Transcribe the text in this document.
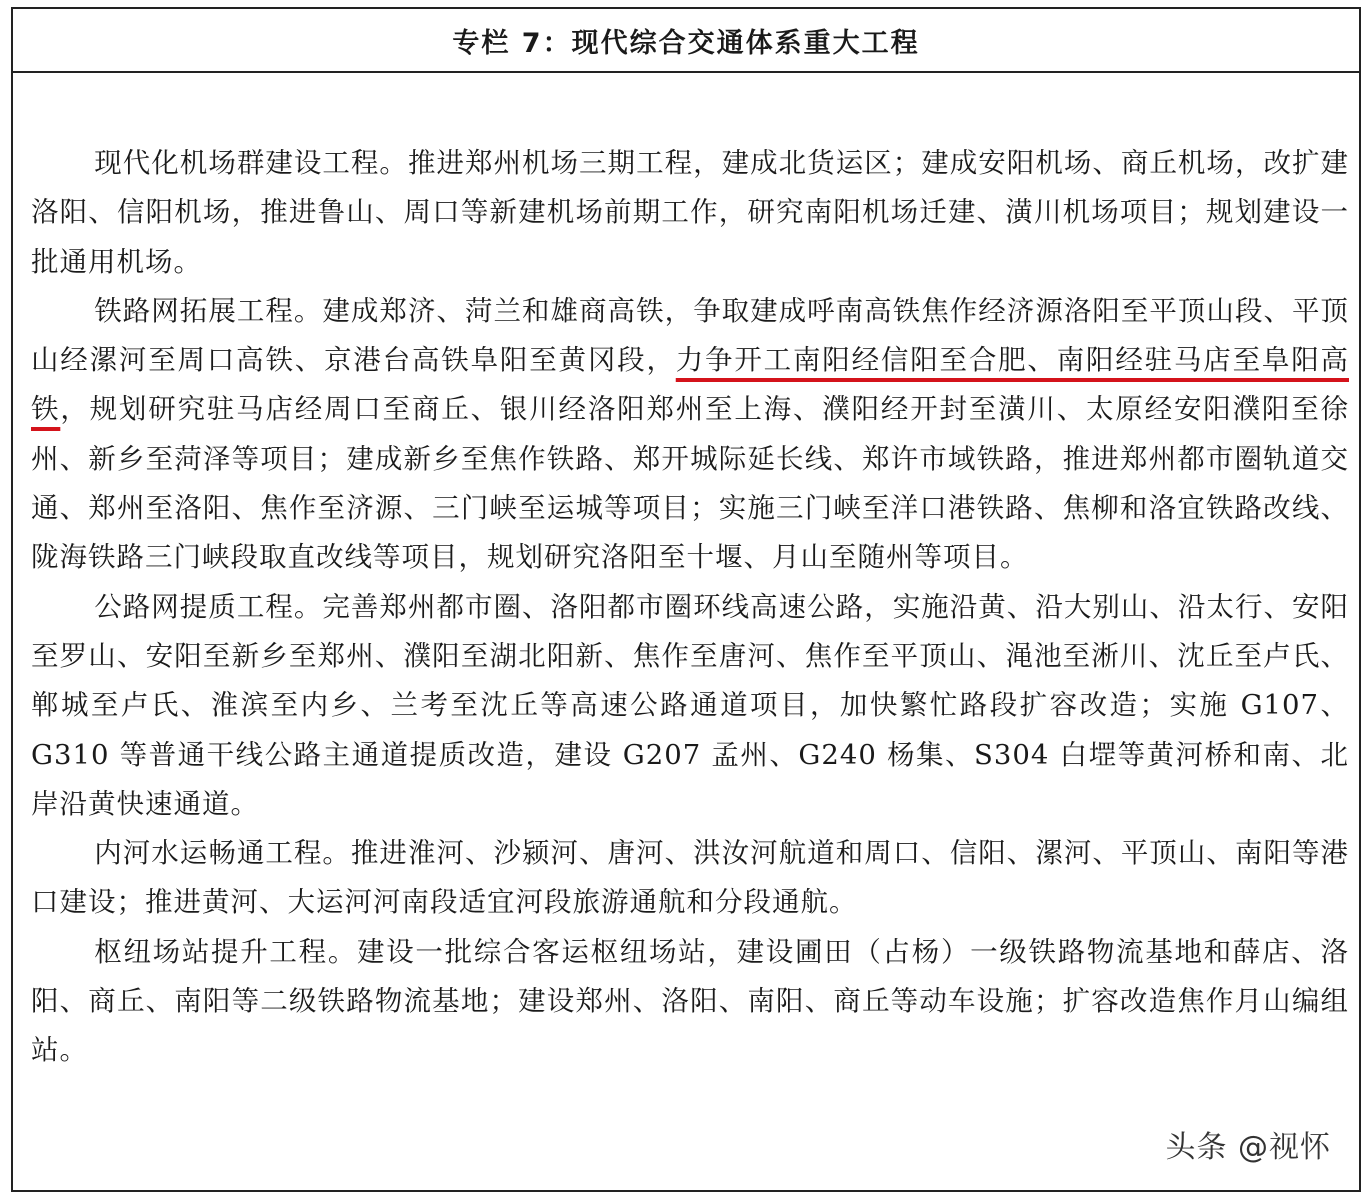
专栏 7：现代综合交通体系重大工程

现代化机场群建设工程。推进郑州机场三期工程，建成北货运区；建成安阳机场、商丘机场，改扩建洛阳、信阳机场，推进鲁山、周口等新建机场前期工作，研究南阳机场迁建、潢川机场项目；规划建设一批通用机场。

铁路网拓展工程。建成郑济、菏兰和雄商高铁，争取建成呼南高铁焦作经济源洛阳至平顶山段、平顶山经漯河至周口高铁、京港台高铁阜阳至黄冈段，力争开工南阳经信阳至合肥、南阳经驻马店至阜阳高铁，规划研究驻马店经周口至商丘、银川经洛阳郑州至上海、濮阳经开封至潢川、太原经安阳濮阳至徐州、新乡至菏泽等项目；建成新乡至焦作铁路、郑开城际延长线、郑许市域铁路，推进郑州都市圈轨道交通、郑州至洛阳、焦作至济源、三门峡至运城等项目；实施三门峡至洋口港铁路、焦柳和洛宜铁路改线、陇海铁路三门峡段取直改线等项目，规划研究洛阳至十堰、月山至随州等项目。

公路网提质工程。完善郑州都市圈、洛阳都市圈环线高速公路，实施沿黄、沿大别山、沿太行、安阳至罗山、安阳至新乡至郑州、濮阳至湖北阳新、焦作至唐河、焦作至平顶山、渑池至淅川、沈丘至卢氏、郸城至卢氏、淮滨至内乡、兰考至沈丘等高速公路通道项目，加快繁忙路段扩容改造；实施 G107、G310 等普通干线公路主通道提质改造，建设 G207 孟州、G240 杨集、S304 白堽等黄河桥和南、北岸沿黄快速通道。

内河水运畅通工程。推进淮河、沙颍河、唐河、洪汝河航道和周口、信阳、漯河、平顶山、南阳等港口建设；推进黄河、大运河河南段适宜河段旅游通航和分段通航。

枢纽场站提升工程。建设一批综合客运枢纽场站，建设圃田（占杨）一级铁路物流基地和薛店、洛阳、商丘、南阳等二级铁路物流基地；建设郑州、洛阳、南阳、商丘等动车设施；扩容改造焦作月山编组站。

头条 @视怀
